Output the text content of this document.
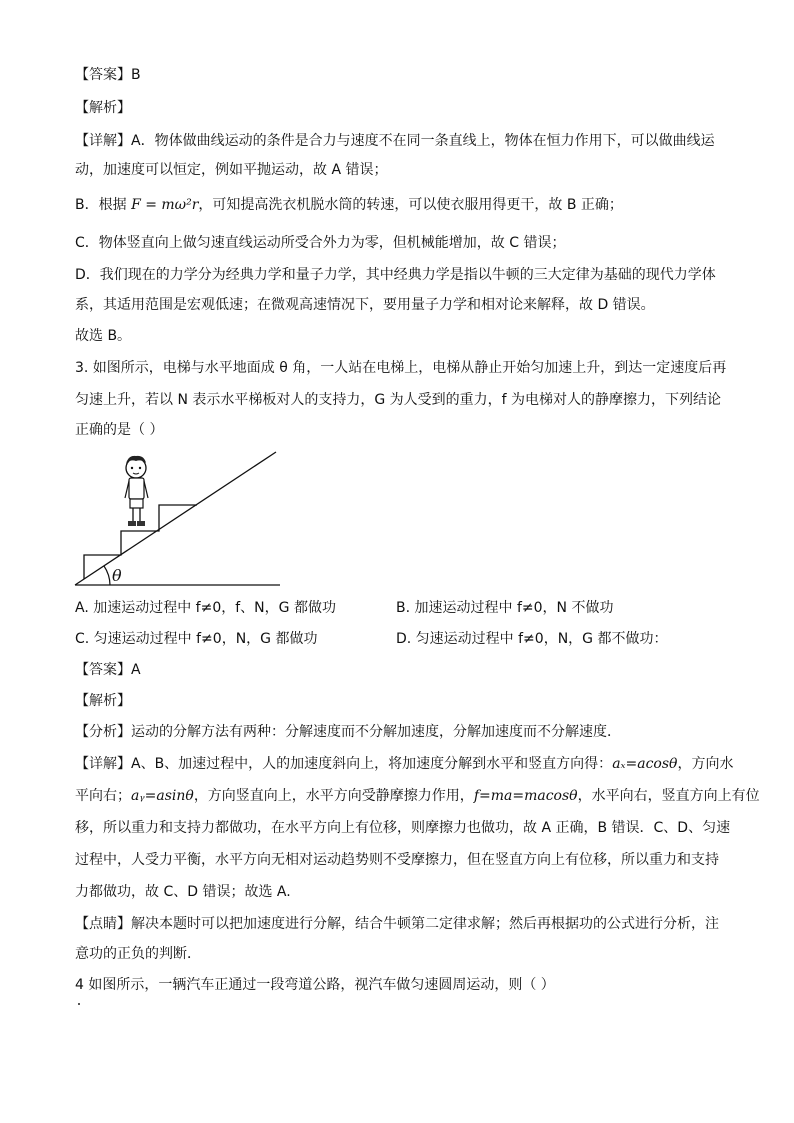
【答案】B
【解析】
【详解】A．物体做曲线运动的条件是合力与速度不在同一条直线上，物体在恒力作用下，可以做曲线运
动，加速度可以恒定，例如平抛运动，故 A 错误；
B．根据 F = mω²r，可知提高洗衣机脱水筒的转速，可以使衣服用得更干，故 B 正确；
C．物体竖直向上做匀速直线运动所受合外力为零，但机械能增加，故 C 错误；
D．我们现在的力学分为经典力学和量子力学，其中经典力学是指以牛顿的三大定律为基础的现代力学体
系，其适用范围是宏观低速；在微观高速情况下，要用量子力学和相对论来解释，故 D 错误。
故选 B。
3. 如图所示，电梯与水平地面成 θ 角，一人站在电梯上，电梯从静止开始匀加速上升，到达一定速度后再
匀速上升，若以 N 表示水平梯板对人的支持力，G 为人受到的重力，f 为电梯对人的静摩擦力，下列结论
正确的是（ ）
θ
A. 加速运动过程中 f≠0，f、N，G 都做功	B. 加速运动过程中 f≠0，N 不做功
C. 匀速运动过程中 f≠0，N，G 都做功	D. 匀速运动过程中 f≠0，N，G 都不做功：
【答案】A
【解析】
【分析】运动的分解方法有两种：分解速度而不分解加速度，分解加速度而不分解速度．
【详解】A、B、加速过程中，人的加速度斜向上，将加速度分解到水平和竖直方向得：aₓ=acosθ，方向水
平向右；aᵧ=asinθ，方向竖直向上，水平方向受静摩擦力作用，f=ma=macosθ，水平向右，竖直方向上有位
移，所以重力和支持力都做功，在水平方向上有位移，则摩擦力也做功，故 A 正确，B 错误．C、D、匀速
过程中，人受力平衡，水平方向无相对运动趋势则不受摩擦力，但在竖直方向上有位移，所以重力和支持
力都做功，故 C、D 错误；故选 A.
【点睛】解决本题时可以把加速度进行分解，结合牛顿第二定律求解；然后再根据功的公式进行分析，注
意功的正负的判断．
4 如图所示，一辆汽车正通过一段弯道公路，视汽车做匀速圆周运动，则（ ）
